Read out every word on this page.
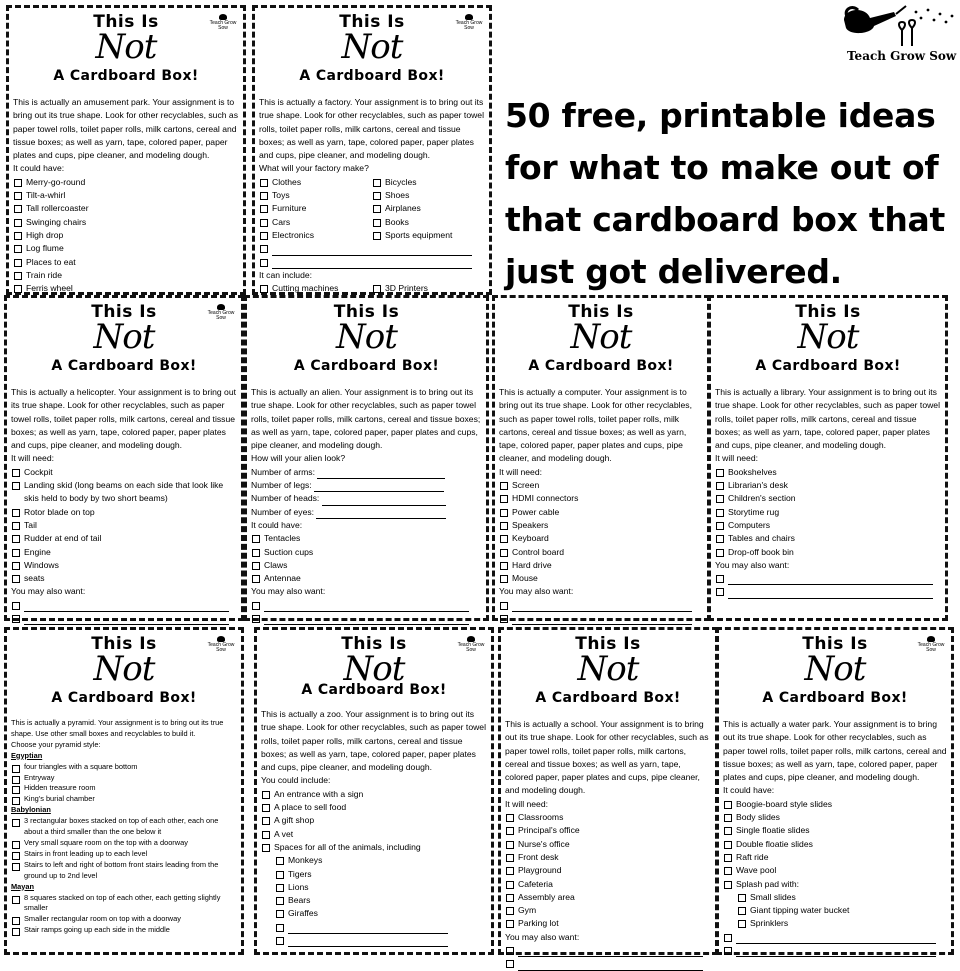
Teach Grow Sow
50 free, printable ideas for what to make out of that cardboard box that just got delivered.
This Is
Not
A Cardboard Box!
Teach Grow Sow

This is actually an amusement park. Your assignment is to bring out its true shape. Look for other recyclables, such as paper towel rolls, toilet paper rolls, milk cartons, cereal and tissue boxes; as well as yarn, tape, colored paper, paper plates and cups, pipe cleaner, and modeling dough.

It could have:

Merry-go-round
Tilt-a-whirl
Tall rollercoaster
Swinging chairs
High drop
Log flume
Places to eat
Train ride
Ferris wheel
This Is
Not
A Cardboard Box!
Teach Grow Sow

This is actually a factory. Your assignment is to bring out its true shape. Look for other recyclables, such as paper towel rolls, toilet paper rolls, milk cartons, cereal and tissue boxes; as well as yarn, tape, colored paper, paper plates and cups, pipe cleaner, and modeling dough.

What will your factory make?

Clothes
Toys
Furniture
Cars
Electronics
Bicycles
Shoes
Airplanes
Books
Sports equipment

It can include:

Cutting machines	3D Printers
This Is
Not
A Cardboard Box!
Teach Grow Sow

This is actually a helicopter. Your assignment is to bring out its true shape. Look for other recyclables, such as paper towel rolls, toilet paper rolls, milk cartons, cereal and tissue boxes; as well as yarn, tape, colored paper, paper plates and cups, pipe cleaner, and modeling dough.

It will need:

Cockpit
Landing skid (long beams on each side that look like skis held to body by two short beams)
Rotor blade on top
Tail
Rudder at end of tail
Engine
Windows
seats

You may also want:

This Is
Not
A Cardboard Box!

This is actually an alien. Your assignment is to bring out its true shape. Look for other recyclables, such as paper towel rolls, toilet paper rolls, milk cartons, cereal and tissue boxes; as well as yarn, tape, colored paper, paper plates and cups, pipe cleaner, and modeling dough.

How will your alien look?

Number of arms:
Number of legs:
Number of heads:
Number of eyes:

It could have:

Tentacles
Suction cups
Claws
Antennae

You may also want:

This Is
Not
A Cardboard Box!

This is actually a computer. Your assignment is to bring out its true shape. Look for other recyclables, such as paper towel rolls, toilet paper rolls, milk cartons, cereal and tissue boxes; as well as yarn, tape, colored paper, paper plates and cups, pipe cleaner, and modeling dough.

It will need:

Screen
HDMI connectors
Power cable
Speakers
Keyboard
Control board
Hard drive
Mouse

You may also want:

This Is
Not
A Cardboard Box!

This is actually a library. Your assignment is to bring out its true shape. Look for other recyclables, such as paper towel rolls, toilet paper rolls, milk cartons, cereal and tissue boxes; as well as yarn, tape, colored paper, paper plates and cups, pipe cleaner, and modeling dough.

It will need:

Bookshelves
Librarian's desk
Children's section
Storytime rug
Computers
Tables and chairs
Drop-off book bin

You may also want:

This Is
Not
A Cardboard Box!
Teach Grow Sow

This is actually a pyramid. Your assignment is to bring out its true shape. Use other small boxes and recyclables to build it.

Choose your pyramid style:

Egyptian

four triangles with a square bottom
Entryway
Hidden treasure room
King's burial chamber

Babylonian

3 rectangular boxes stacked on top of each other, each one about a third smaller than the one below it
Very small square room on the top with a doorway
Stairs in front leading up to each level
Stairs to left and right of bottom front stairs leading from the ground up to 2nd level

Mayan

8 squares stacked on top of each other, each getting slightly smaller
Smaller rectangular room on top with a doorway
Stair ramps going up each side in the middle
This Is
Not
A Cardboard Box!
Teach Grow Sow

This is actually a zoo. Your assignment is to bring out its true shape. Look for other recyclables, such as paper towel rolls, toilet paper rolls, milk cartons, cereal and tissue boxes; as well as yarn, tape, colored paper, paper plates and cups, pipe cleaner, and modeling dough.

You could include:

An entrance with a sign
A place to sell food
A gift shop
A vet
Spaces for all of the animals, including
Monkeys
Tigers
Lions
Bears
Giraffes
This Is
Not
A Cardboard Box!

This is actually a school. Your assignment is to bring out its true shape. Look for other recyclables, such as paper towel rolls, toilet paper rolls, milk cartons, cereal and tissue boxes; as well as yarn, tape, colored paper, paper plates and cups, pipe cleaner, and modeling dough.

It will need:

Classrooms
Principal's office
Nurse's office
Front desk
Playground
Cafeteria
Assembly area
Gym
Parking lot

You may also want:

This Is
Not
A Cardboard Box!
Teach Grow Sow

This is actually a water park. Your assignment is to bring out its true shape. Look for other recyclables, such as paper towel rolls, toilet paper rolls, milk cartons, cereal and tissue boxes; as well as yarn, tape, colored paper, paper plates and cups, pipe cleaner, and modeling dough.

It could have:

Boogie-board style slides
Body slides
Single floatie slides
Double floatie slides
Raft ride
Wave pool
Splash pad with:
Small slides
Giant tipping water bucket
Sprinklers
